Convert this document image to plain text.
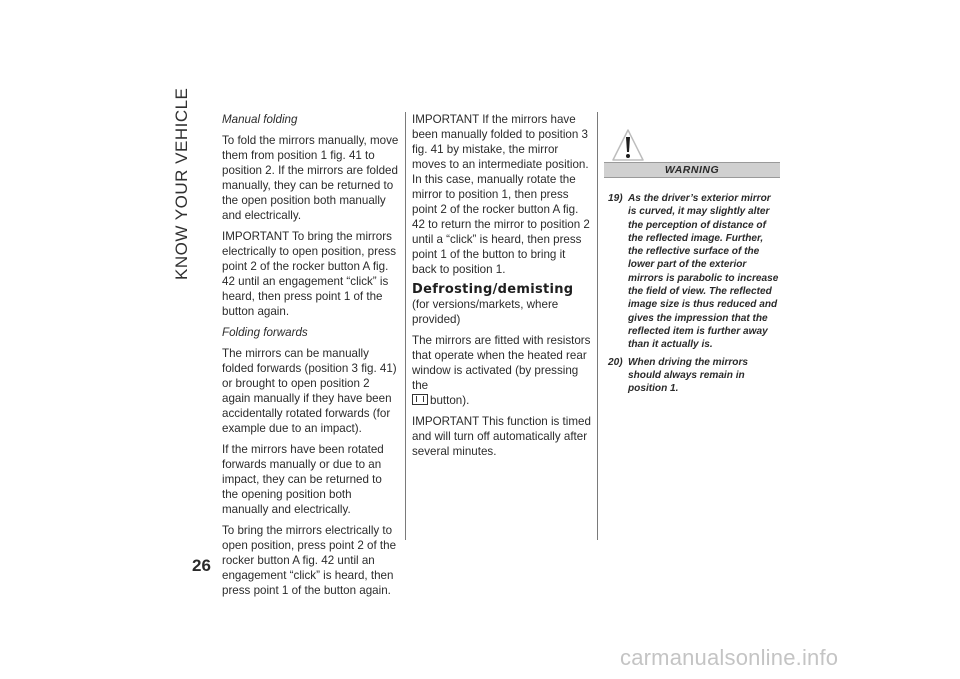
KNOW YOUR VEHICLE	Manual folding

To fold the mirrors manually, move them from position 1 fig. 41 to position 2. If the mirrors are folded manually, they can be returned to the open position both manually and electrically.

IMPORTANT To bring the mirrors electrically to open position, press point 2 of the rocker button A fig. 42 until an engagement “click” is heard, then press point 1 of the button again.

Folding forwards

The mirrors can be manually folded forwards (position 3 fig. 41) or brought to open position 2 again manually if they have been accidentally rotated forwards (for example due to an impact).

If the mirrors have been rotated forwards manually or due to an impact, they can be returned to the opening position both manually and electrically.

To bring the mirrors electrically to open position, press point 2 of the rocker button A fig. 42 until an engagement “click” is heard, then press point 1 of the button again.

IMPORTANT If the mirrors have been manually folded to position 3 fig. 41 by mistake, the mirror moves to an intermediate position. In this case, manually rotate the mirror to position 1, then press point 2 of the rocker button A fig. 42 to return the mirror to position 2 until a “click” is heard, then press point 1 of the button to bring it back to position 1.

Defrosting/demisting

(for versions/markets, where provided)

The mirrors are fitted with resistors that operate when the heated rear window is activated (by pressing the
button).

IMPORTANT This function is timed and will turn off automatically after several minutes.

WARNING
19) As the driver’s exterior mirror is curved, it may slightly alter the perception of distance of the reflected image. Further, the reflective surface of the lower part of the exterior mirrors is parabolic to increase the field of view. The reflected image size is thus reduced and gives the impression that the reflected item is further away than it actually is.
20) When driving the mirrors should always remain in position 1.
26
carmanualsonline.info
